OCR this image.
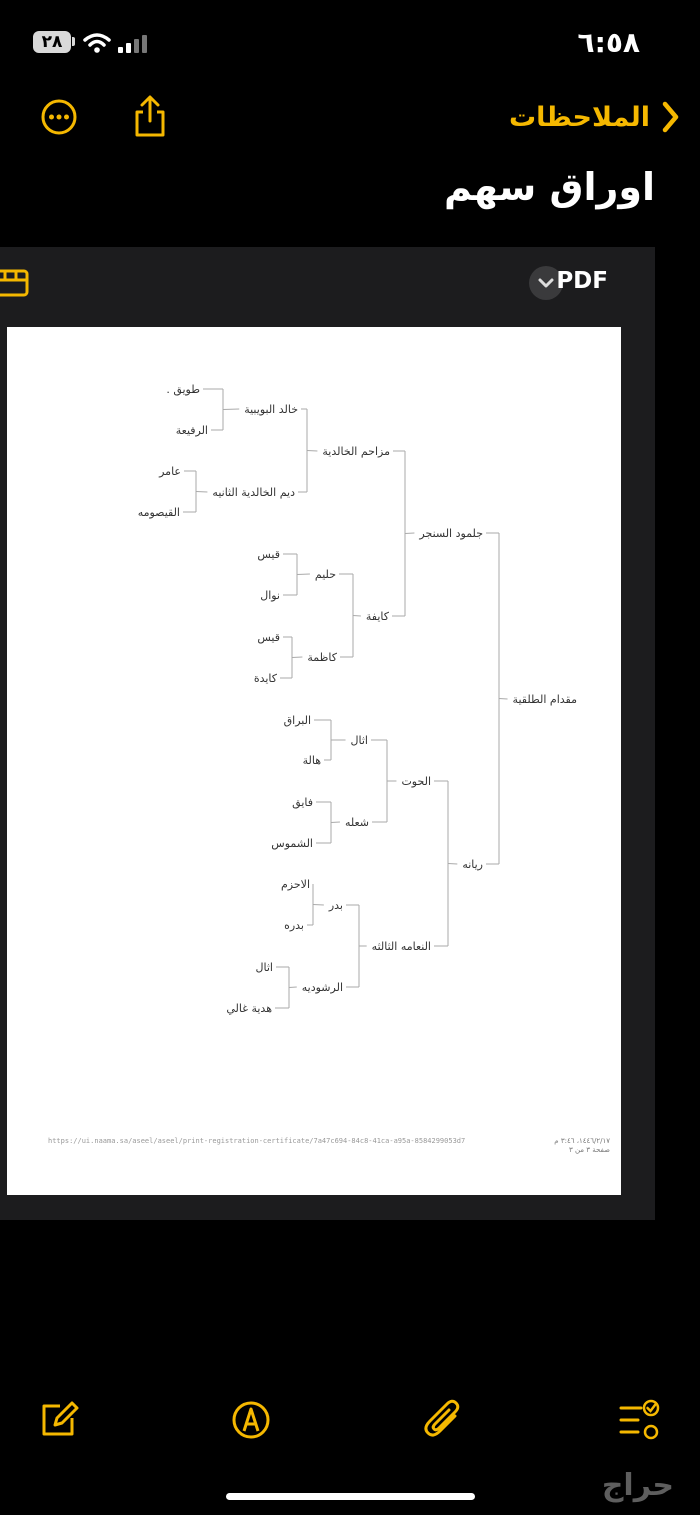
٦:٥٨
٢٨
الملاحظات
اوراق سهم
PDF
. طويق
الرفيعة
عامر
القيصومه
قيس
نوال
قيس
كايدة
البراق
هالة
فايق
الشموس
الاحزم
بدره
اثال
هدية غالي
خالد البويبية
ديم الخالدية الثانيه
حليم
كاظمة
اثال
شعله
بدر
الرشوديه
مزاحم الخالدية
كايفة
الحوت
النعامه الثالثه
جلمود السنجر
ريانه
مقدام الطلقية
https://ui.naama.sa/aseel/aseel/print-registration-certificate/7a47c694-84c8-41ca-a95a-8584299053d7	١٤٤٦/٢/١٧، ٣:٤٦ م
صفحة ٣ من ٣
حراج
